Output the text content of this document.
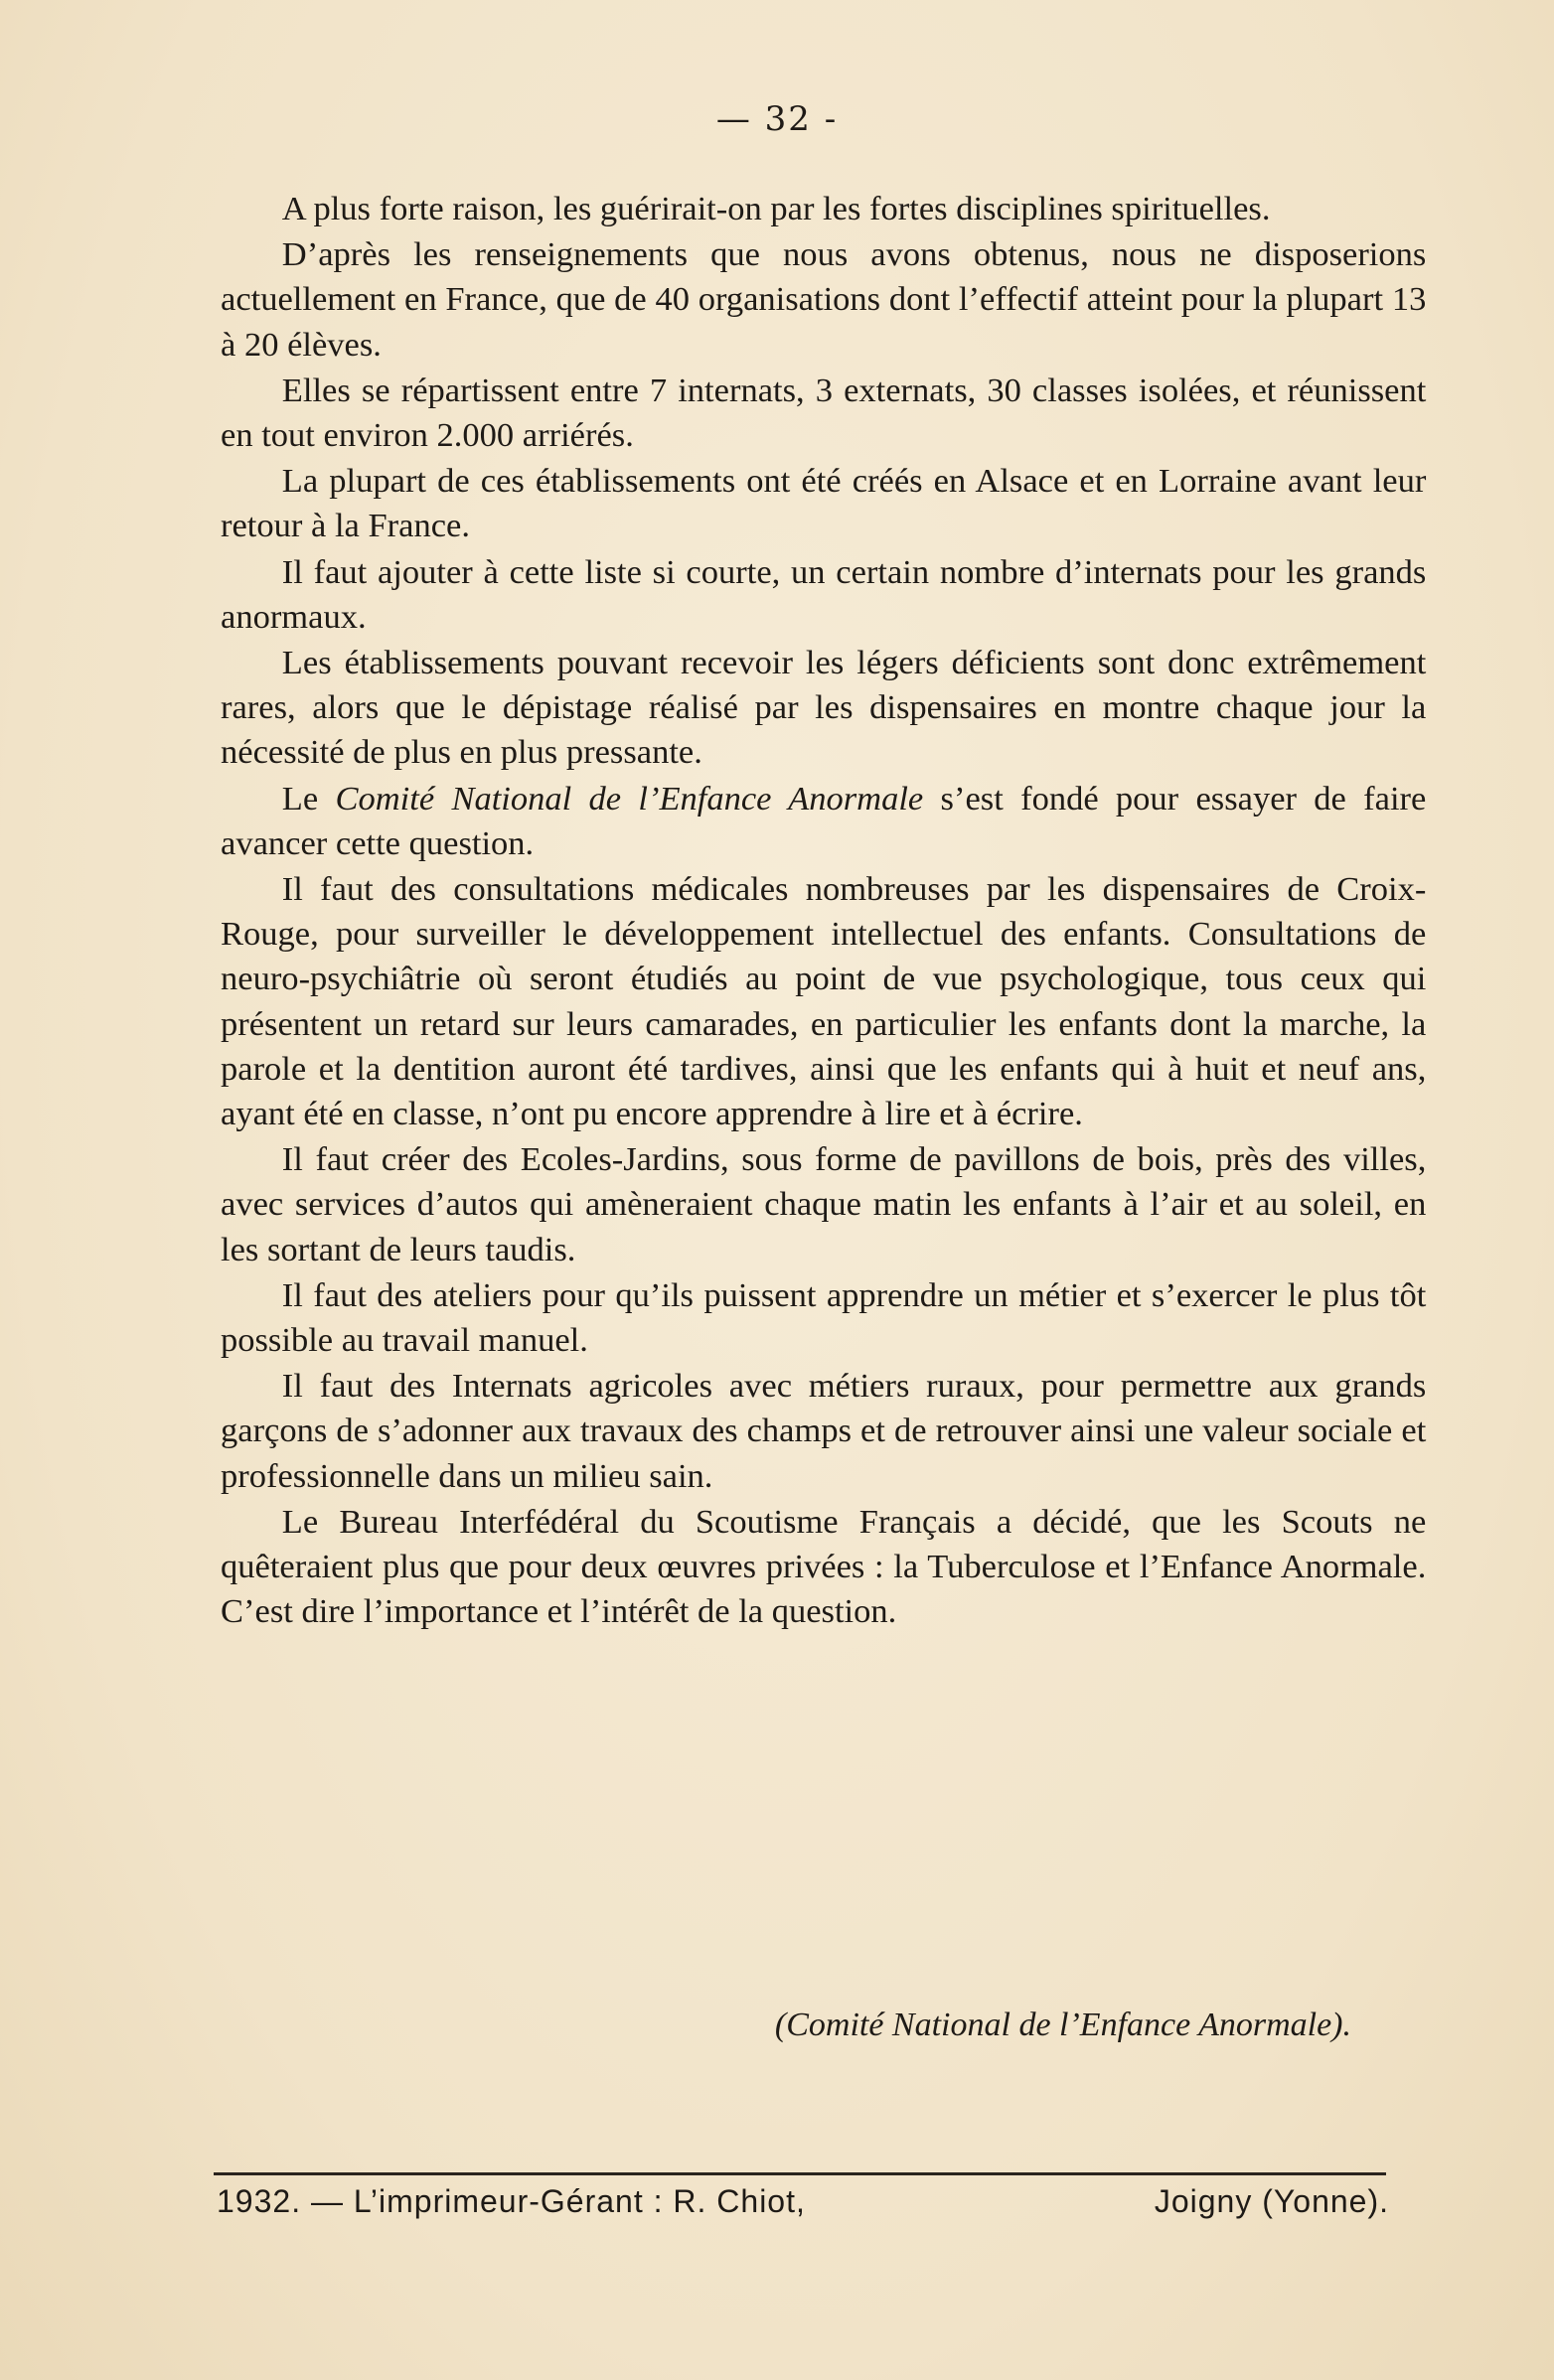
— 32 -

A plus forte raison, les guérirait-on par les fortes disciplines spirituelles.

D’après les renseignements que nous avons obtenus, nous ne disposerions actuellement en France, que de 40 organisations dont l’effectif atteint pour la plupart 13 à 20 élèves.

Elles se répartissent entre 7 internats, 3 externats, 30 classes isolées, et réunissent en tout environ 2.000 arriérés.

La plupart de ces établissements ont été créés en Alsace et en Lorraine avant leur retour à la France.

Il faut ajouter à cette liste si courte, un certain nombre d’internats pour les grands anormaux.

Les établissements pouvant recevoir les légers déficients sont donc extrêmement rares, alors que le dépistage réalisé par les dispensaires en montre chaque jour la nécessité de plus en plus pressante.

Le Comité National de l’Enfance Anormale s’est fondé pour essayer de faire avancer cette question.

Il faut des consultations médicales nombreuses par les dispensaires de Croix-Rouge, pour surveiller le développement intellectuel des enfants. Consultations de neuro-psychiâtrie où seront étudiés au point de vue psychologique, tous ceux qui présentent un retard sur leurs camarades, en particulier les enfants dont la marche, la parole et la dentition auront été tardives, ainsi que les enfants qui à huit et neuf ans, ayant été en classe, n’ont pu encore apprendre à lire et à écrire.

Il faut créer des Ecoles-Jardins, sous forme de pavillons de bois, près des villes, avec services d’autos qui amèneraient chaque matin les enfants à l’air et au soleil, en les sortant de leurs taudis.

Il faut des ateliers pour qu’ils puissent apprendre un métier et s’exercer le plus tôt possible au travail manuel.

Il faut des Internats agricoles avec métiers ruraux, pour permettre aux grands garçons de s’adonner aux travaux des champs et de retrouver ainsi une valeur sociale et professionnelle dans un milieu sain.

Le Bureau Interfédéral du Scoutisme Français a décidé, que les Scouts ne quêteraient plus que pour deux œuvres privées : la Tuberculose et l’Enfance Anormale. C’est dire l’importance et l’intérêt de la question.

(Comité National de l’Enfance Anormale).
1932. — L’imprimeur-Gérant : R. Chiot,	Joigny (Yonne).
